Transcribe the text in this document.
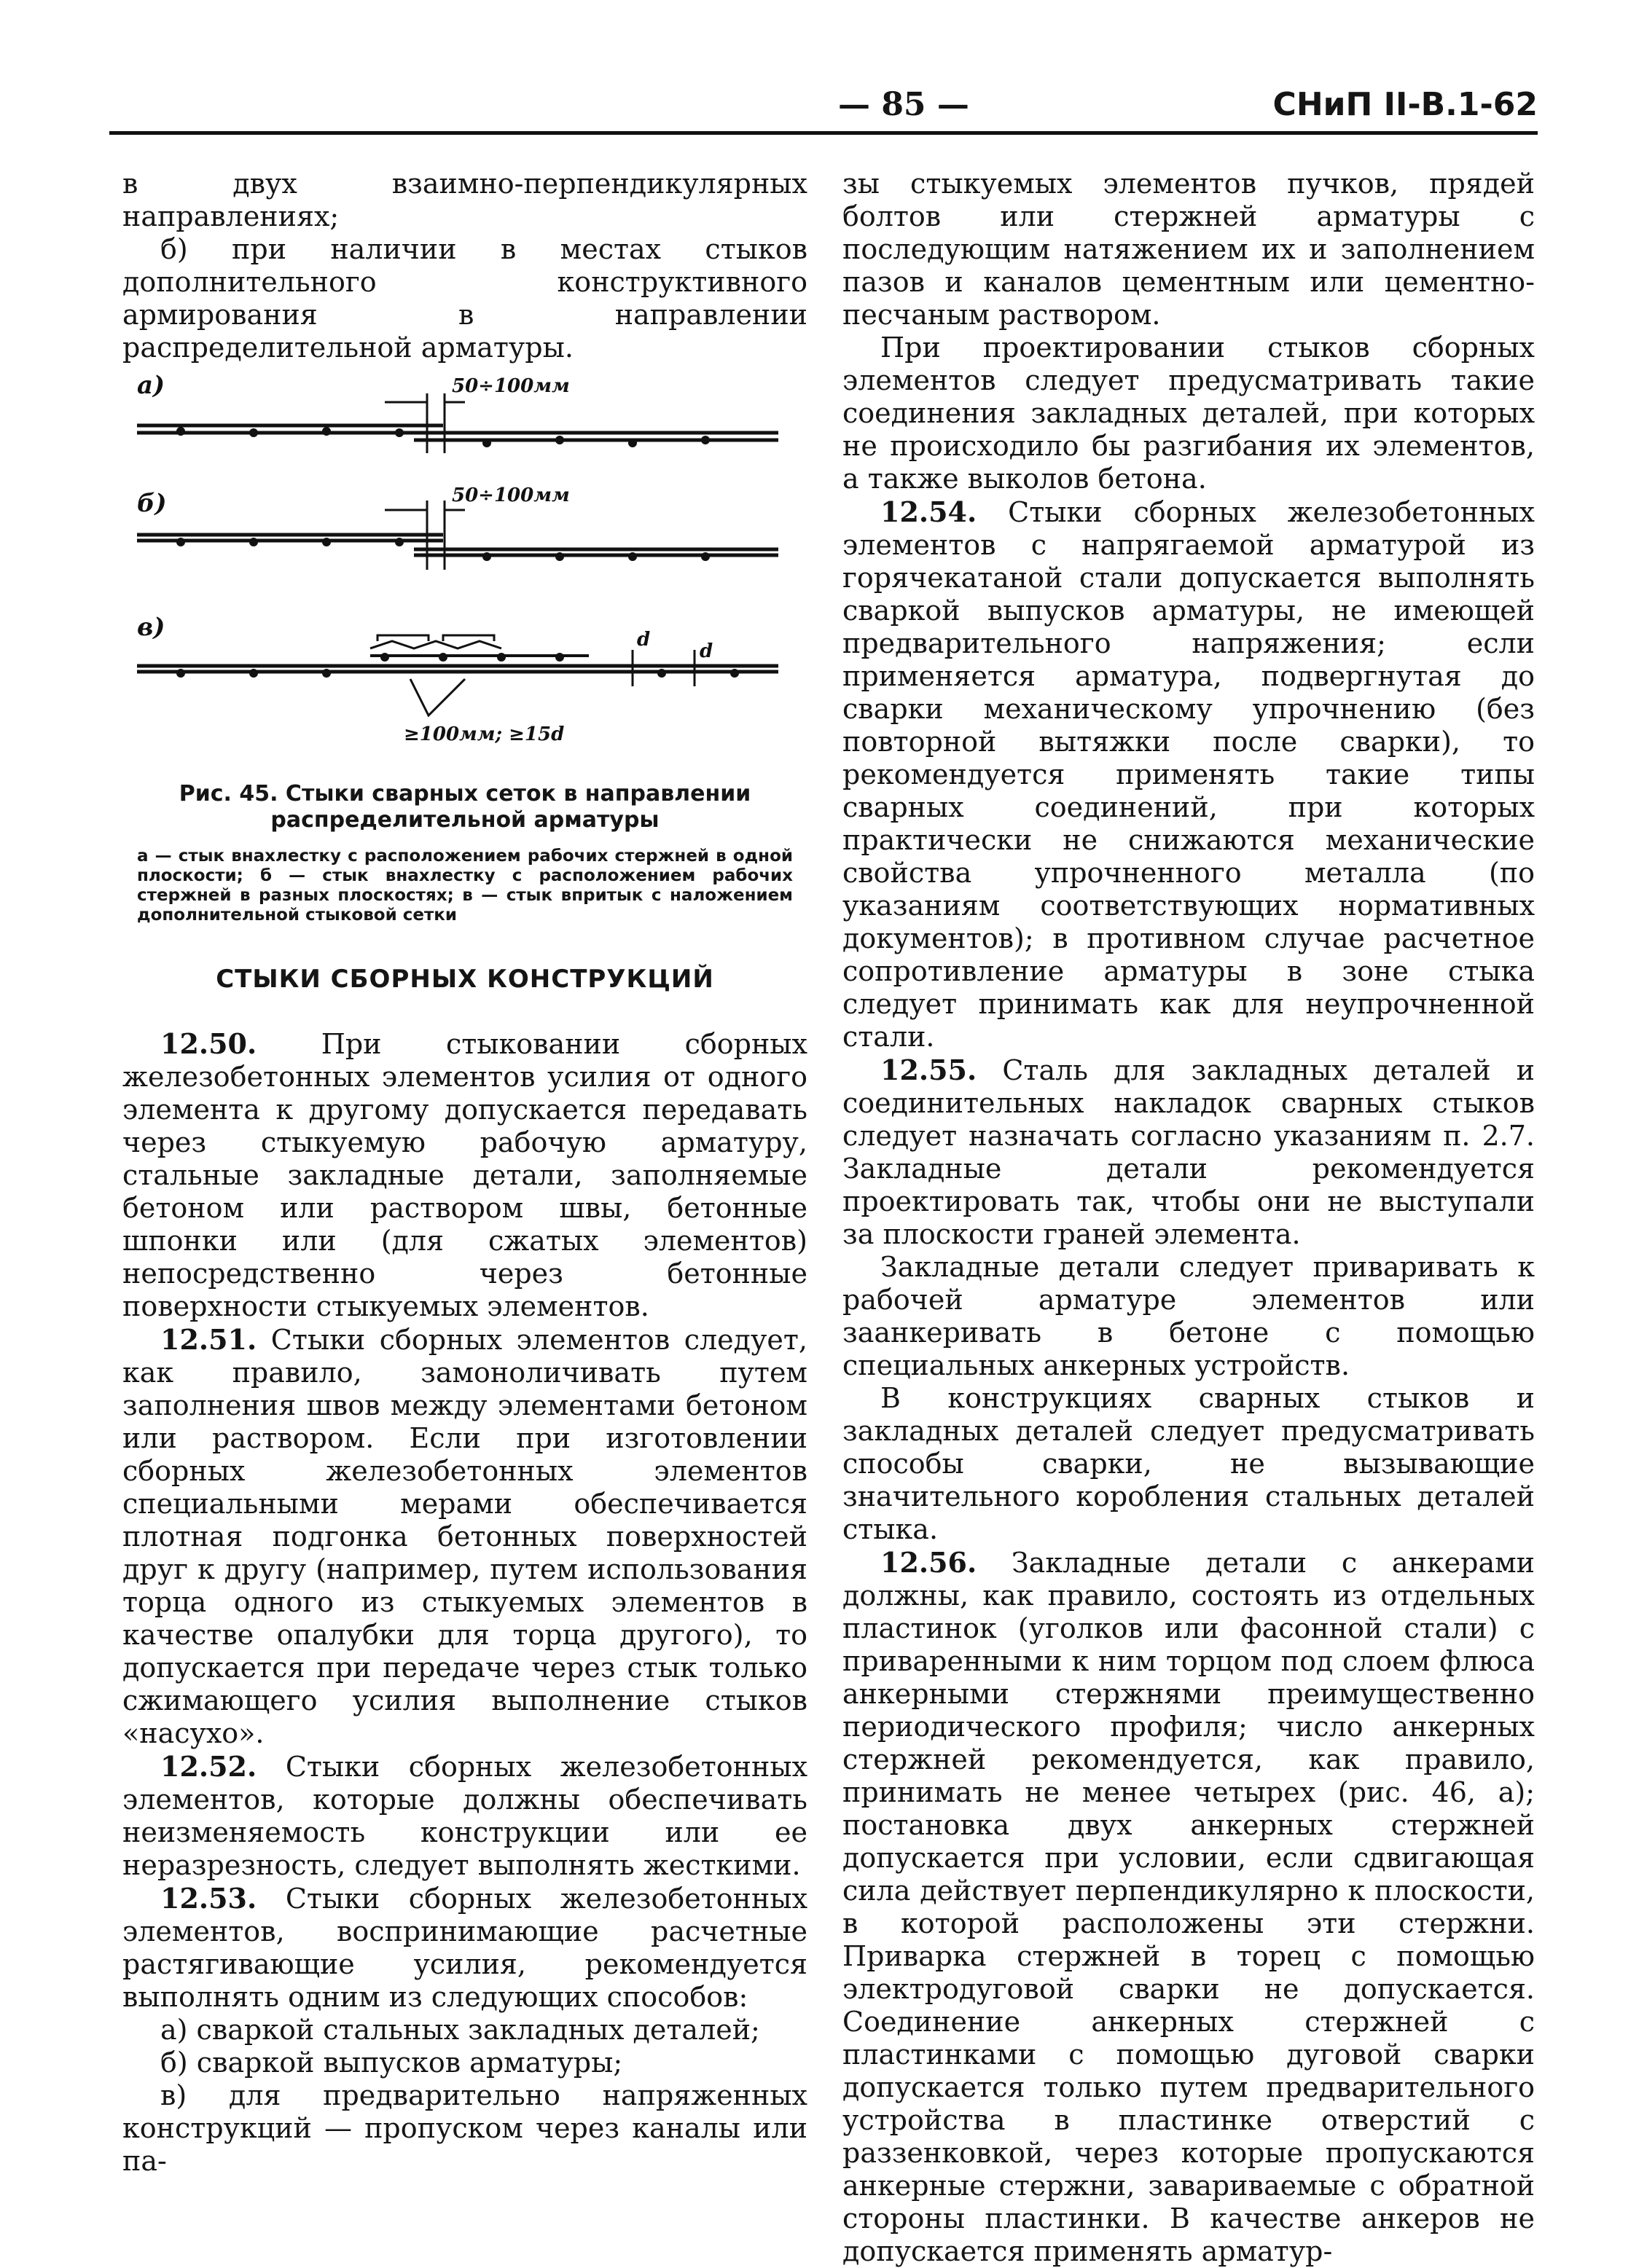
— 85 —	СНиП II-В.1-62

в двух взаимно-перпендикулярных направлениях;

б) при наличии в местах стыков дополнительного конструктивного армирования в направлении распределительной арматуры.

а)
б)
в)
50÷100мм
50÷100мм
≥100мм; ≥15d
d
d
Рис. 45. Стыки сварных сеток в направлении распределительной арматуры
а — стык внахлестку с расположением рабочих стержней в одной плоскости; б — стык внахлестку с расположением рабочих стержней в разных плоскостях; в — стык впритык с наложением дополнительной стыковой сетки
СТЫКИ СБОРНЫХ КОНСТРУКЦИЙ

12.50. При стыковании сборных железобетонных элементов усилия от одного элемента к другому допускается передавать через стыкуемую рабочую арматуру, стальные закладные детали, заполняемые бетоном или раствором швы, бетонные шпонки или (для сжатых элементов) непосредственно через бетонные поверхности стыкуемых элементов.

12.51. Стыки сборных элементов следует, как правило, замоноличивать путем заполнения швов между элементами бетоном или раствором. Если при изготовлении сборных железобетонных элементов специальными мерами обеспечивается плотная подгонка бетонных поверхностей друг к другу (например, путем использования торца одного из стыкуемых элементов в качестве опалубки для торца другого), то допускается при передаче через стык только сжимающего усилия выполнение стыков «насухо».

12.52. Стыки сборных железобетонных элементов, которые должны обеспечивать неизменяемость конструкции или ее неразрезность, следует выполнять жесткими.

12.53. Стыки сборных железобетонных элементов, воспринимающие расчетные растягивающие усилия, рекомендуется выполнять одним из следующих способов:

а) сваркой стальных закладных деталей;

б) сваркой выпусков арматуры;

в) для предварительно напряженных конструкций — пропуском через каналы или па-

зы стыкуемых элементов пучков, прядей болтов или стержней арматуры с последующим натяжением их и заполнением пазов и каналов цементным или цементно-песчаным раствором.

При проектировании стыков сборных элементов следует предусматривать такие соединения закладных деталей, при которых не происходило бы разгибания их элементов, а также выколов бетона.

12.54. Стыки сборных железобетонных элементов с напрягаемой арматурой из горячекатаной стали допускается выполнять сваркой выпусков арматуры, не имеющей предварительного напряжения; если применяется арматура, подвергнутая до сварки механическому упрочнению (без повторной вытяжки после сварки), то рекомендуется применять такие типы сварных соединений, при которых практически не снижаются механические свойства упрочненного металла (по указаниям соответствующих нормативных документов); в противном случае расчетное сопротивление арматуры в зоне стыка следует принимать как для неупрочненной стали.

12.55. Сталь для закладных деталей и соединительных накладок сварных стыков следует назначать согласно указаниям п. 2.7. Закладные детали рекомендуется проектировать так, чтобы они не выступали за плоскости граней элемента.

Закладные детали следует приваривать к рабочей арматуре элементов или заанкеривать в бетоне с помощью специальных анкерных устройств.

В конструкциях сварных стыков и закладных деталей следует предусматривать способы сварки, не вызывающие значительного коробления стальных деталей стыка.

12.56. Закладные детали с анкерами должны, как правило, состоять из отдельных пластинок (уголков или фасонной стали) с приваренными к ним торцом под слоем флюса анкерными стержнями преимущественно периодического профиля; число анкерных стержней рекомендуется, как правило, принимать не менее четырех (рис. 46, а); постановка двух анкерных стержней допускается при условии, если сдвигающая сила действует перпендикулярно к плоскости, в которой расположены эти стержни. Приварка стержней в торец с помощью электродуговой сварки не допускается. Соединение анкерных стержней с пластинками с помощью дуговой сварки допускается только путем предварительного устройства в пластинке отверстий с раззенковкой, через которые пропускаются анкерные стержни, завариваемые с обратной стороны пластинки. В качестве анкеров не допускается применять арматур-
